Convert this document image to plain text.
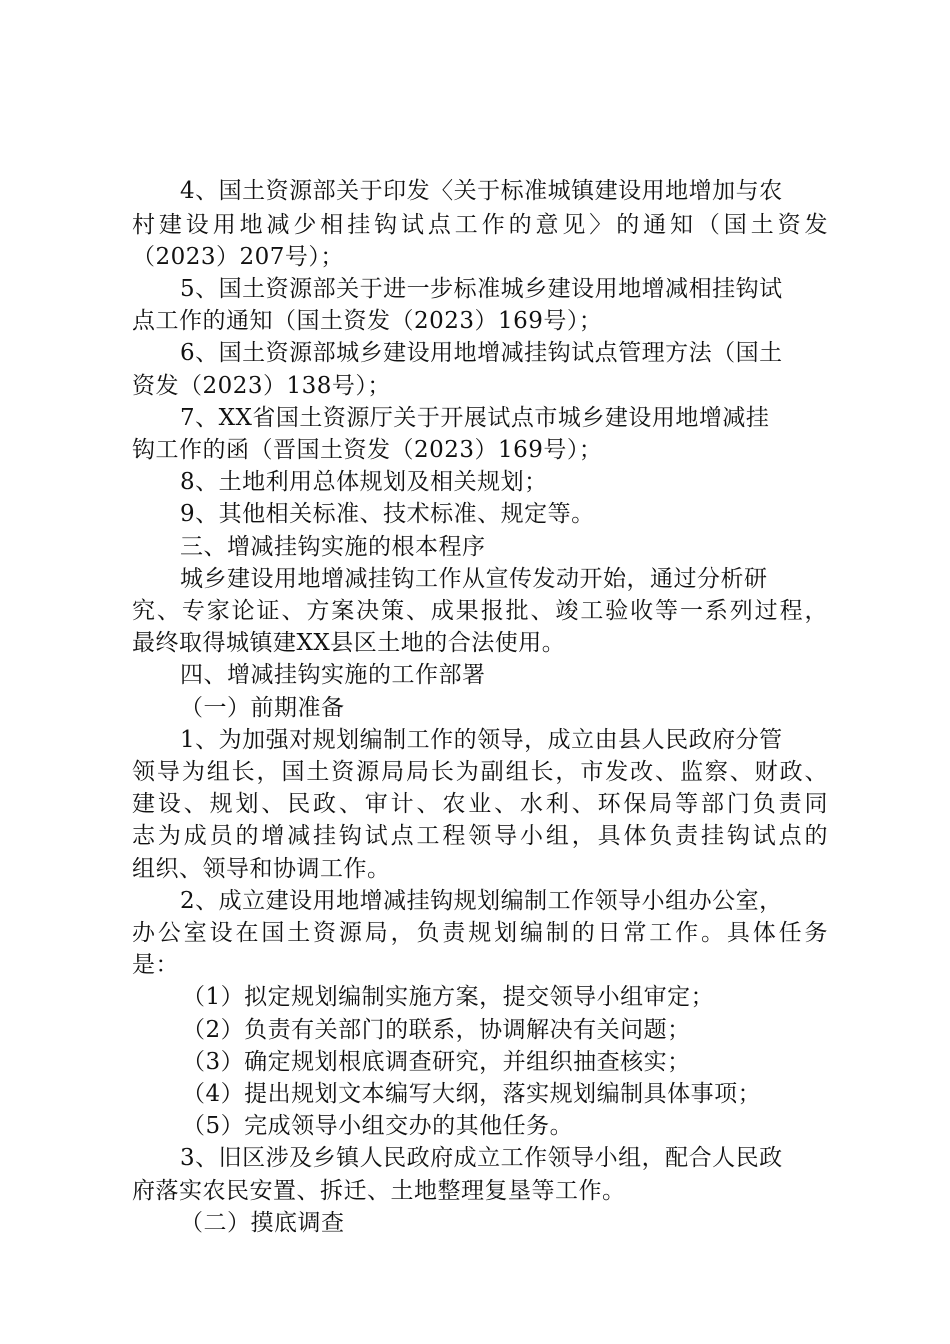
4、国土资源部关于印发〈关于标准城镇建设用地增加与农
村建设用地减少相挂钩试点工作的意见〉的通知（国土资发
（2023）207号）；
5、国土资源部关于进一步标准城乡建设用地增减相挂钩试
点工作的通知（国土资发（2023）169号）；
6、国土资源部城乡建设用地增减挂钩试点管理方法（国土
资发（2023）138号）；
7、XX省国土资源厅关于开展试点市城乡建设用地增减挂
钩工作的函（晋国土资发（2023）169号）；
8、土地利用总体规划及相关规划；
9、其他相关标准、技术标准、规定等。
三、增减挂钩实施的根本程序
城乡建设用地增减挂钩工作从宣传发动开始，通过分析研
究、专家论证、方案决策、成果报批、竣工验收等一系列过程，
最终取得城镇建XX县区土地的合法使用。
四、增减挂钩实施的工作部署
（一）前期准备
1、为加强对规划编制工作的领导，成立由县人民政府分管
领导为组长，国土资源局局长为副组长，市发改、监察、财政、
建设、规划、民政、审计、农业、水利、环保局等部门负责同
志为成员的增减挂钩试点工程领导小组，具体负责挂钩试点的
组织、领导和协调工作。
2、成立建设用地增减挂钩规划编制工作领导小组办公室，
办公室设在国土资源局，负责规划编制的日常工作。具体任务
是：
（1）拟定规划编制实施方案，提交领导小组审定；
（2）负责有关部门的联系，协调解决有关问题；
（3）确定规划根底调查研究，并组织抽查核实；
（4）提出规划文本编写大纲，落实规划编制具体事项；
（5）完成领导小组交办的其他任务。
3、旧区涉及乡镇人民政府成立工作领导小组，配合人民政
府落实农民安置、拆迁、土地整理复垦等工作。
（二）摸底调查
